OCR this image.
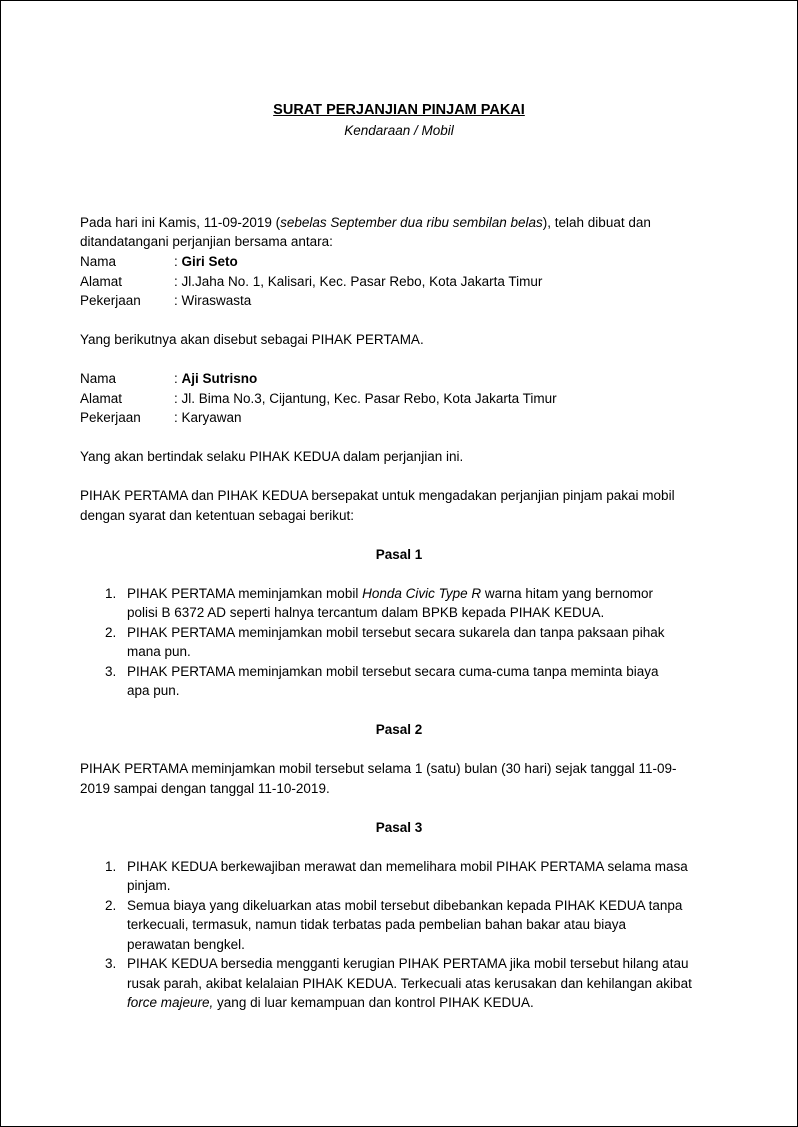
SURAT PERJANJIAN PINJAM PAKAI
Kendaraan / Mobil
Pada hari ini Kamis, 11-09-2019 (sebelas September dua ribu sembilan belas), telah dibuat dan
ditandatangani perjanjian bersama antara:
Nama	: Giri Seto
Alamat	: Jl.Jaha No. 1, Kalisari, Kec. Pasar Rebo, Kota Jakarta Timur
Pekerjaan : Wiraswasta
Yang berikutnya akan disebut sebagai PIHAK PERTAMA.
Nama	: Aji Sutrisno
Alamat	: Jl. Bima No.3, Cijantung, Kec. Pasar Rebo, Kota Jakarta Timur
Pekerjaan : Karyawan
Yang akan bertindak selaku PIHAK KEDUA dalam perjanjian ini.
PIHAK PERTAMA dan PIHAK KEDUA bersepakat untuk mengadakan perjanjian pinjam pakai mobil
dengan syarat dan ketentuan sebagai berikut:
Pasal 1
1. PIHAK PERTAMA meminjamkan mobil Honda Civic Type R warna hitam yang bernomor
polisi B 6372 AD seperti halnya tercantum dalam BPKB kepada PIHAK KEDUA.
2. PIHAK PERTAMA meminjamkan mobil tersebut secara sukarela dan tanpa paksaan pihak
mana pun.
3. PIHAK PERTAMA meminjamkan mobil tersebut secara cuma-cuma tanpa meminta biaya
apa pun.
Pasal 2
PIHAK PERTAMA meminjamkan mobil tersebut selama 1 (satu) bulan (30 hari) sejak tanggal 11-09-
2019 sampai dengan tanggal 11-10-2019.
Pasal 3
1. PIHAK KEDUA berkewajiban merawat dan memelihara mobil PIHAK PERTAMA selama masa
pinjam.
2. Semua biaya yang dikeluarkan atas mobil tersebut dibebankan kepada PIHAK KEDUA tanpa
terkecuali, termasuk, namun tidak terbatas pada pembelian bahan bakar atau biaya
perawatan bengkel.
3. PIHAK KEDUA bersedia mengganti kerugian PIHAK PERTAMA jika mobil tersebut hilang atau
rusak parah, akibat kelalaian PIHAK KEDUA. Terkecuali atas kerusakan dan kehilangan akibat
force majeure, yang di luar kemampuan dan kontrol PIHAK KEDUA.
